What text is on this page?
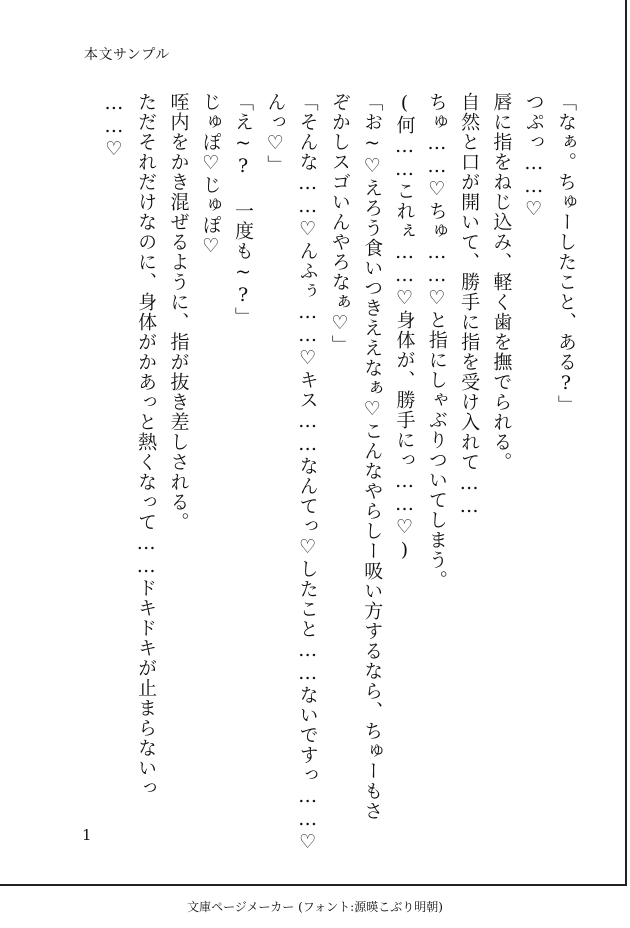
本文サンプル
「なぁ。ちゅーしたこと、ある?」
つぷっ……♡
唇に指をねじ込み、軽く歯を撫でられる。
自然と口が開いて、勝手に指を受け入れて……
ちゅ……♡ちゅ……♡と指にしゃぶりついてしまう。
(何……これぇ……♡身体が、勝手にっ……♡)
「お~♡えろう食いつきええなぁ♡こんなやらしー吸い方するなら、ちゅーもさ
ぞかしスゴいんやろなぁ♡」
「そんな……♡んふぅ……♡キス……なんてっ♡したこと……ないですっ……♡
んっ♡」
「え~? 一度も~?」
じゅぽ♡じゅぽ♡
咥内をかき混ぜるように、指が抜き差しされる。
ただそれだけなのに、身体がかあっと熱くなって……ドキドキが止まらないっ
……♡
1
文庫ページメーカー (フォント:源暎こぶり明朝)
